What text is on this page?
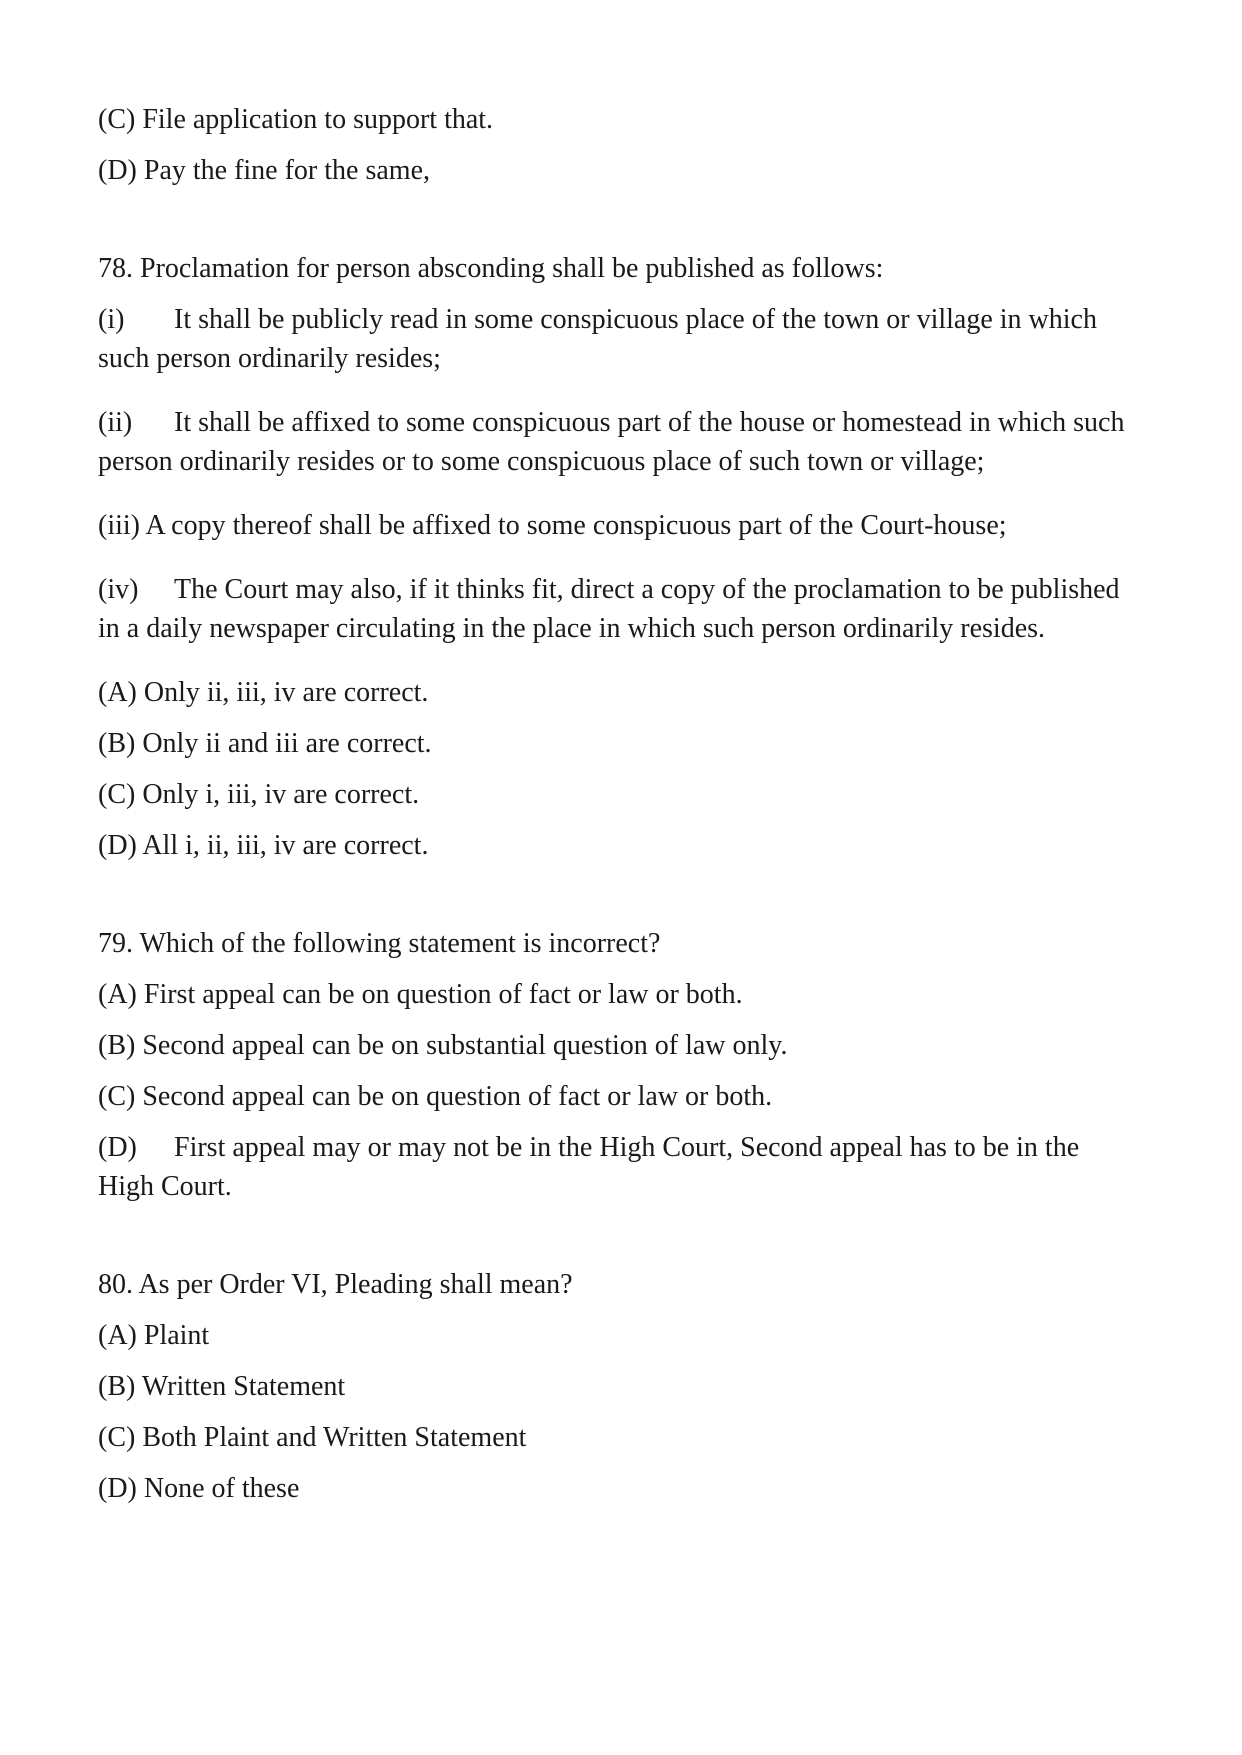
(C) File application to support that.
(D) Pay the fine for the same,
78. Proclamation for person absconding shall be published as follows:
(i) It shall be publicly read in some conspicuous place of the town or village in which such person ordinarily resides;
(ii) It shall be affixed to some conspicuous part of the house or homestead in which such person ordinarily resides or to some conspicuous place of such town or village;
(iii) A copy thereof shall be affixed to some conspicuous part of the Court-house;
(iv) The Court may also, if it thinks fit, direct a copy of the proclamation to be published in a daily newspaper circulating in the place in which such person ordinarily resides.
(A) Only ii, iii, iv are correct.
(B) Only ii and iii are correct.
(C) Only i, iii, iv are correct.
(D) All i, ii, iii, iv are correct.
79. Which of the following statement is incorrect?
(A) First appeal can be on question of fact or law or both.
(B) Second appeal can be on substantial question of law only.
(C) Second appeal can be on question of fact or law or both.
(D) First appeal may or may not be in the High Court, Second appeal has to be in the High Court.
80. As per Order VI, Pleading shall mean?
(A) Plaint
(B) Written Statement
(C) Both Plaint and Written Statement
(D) None of these
